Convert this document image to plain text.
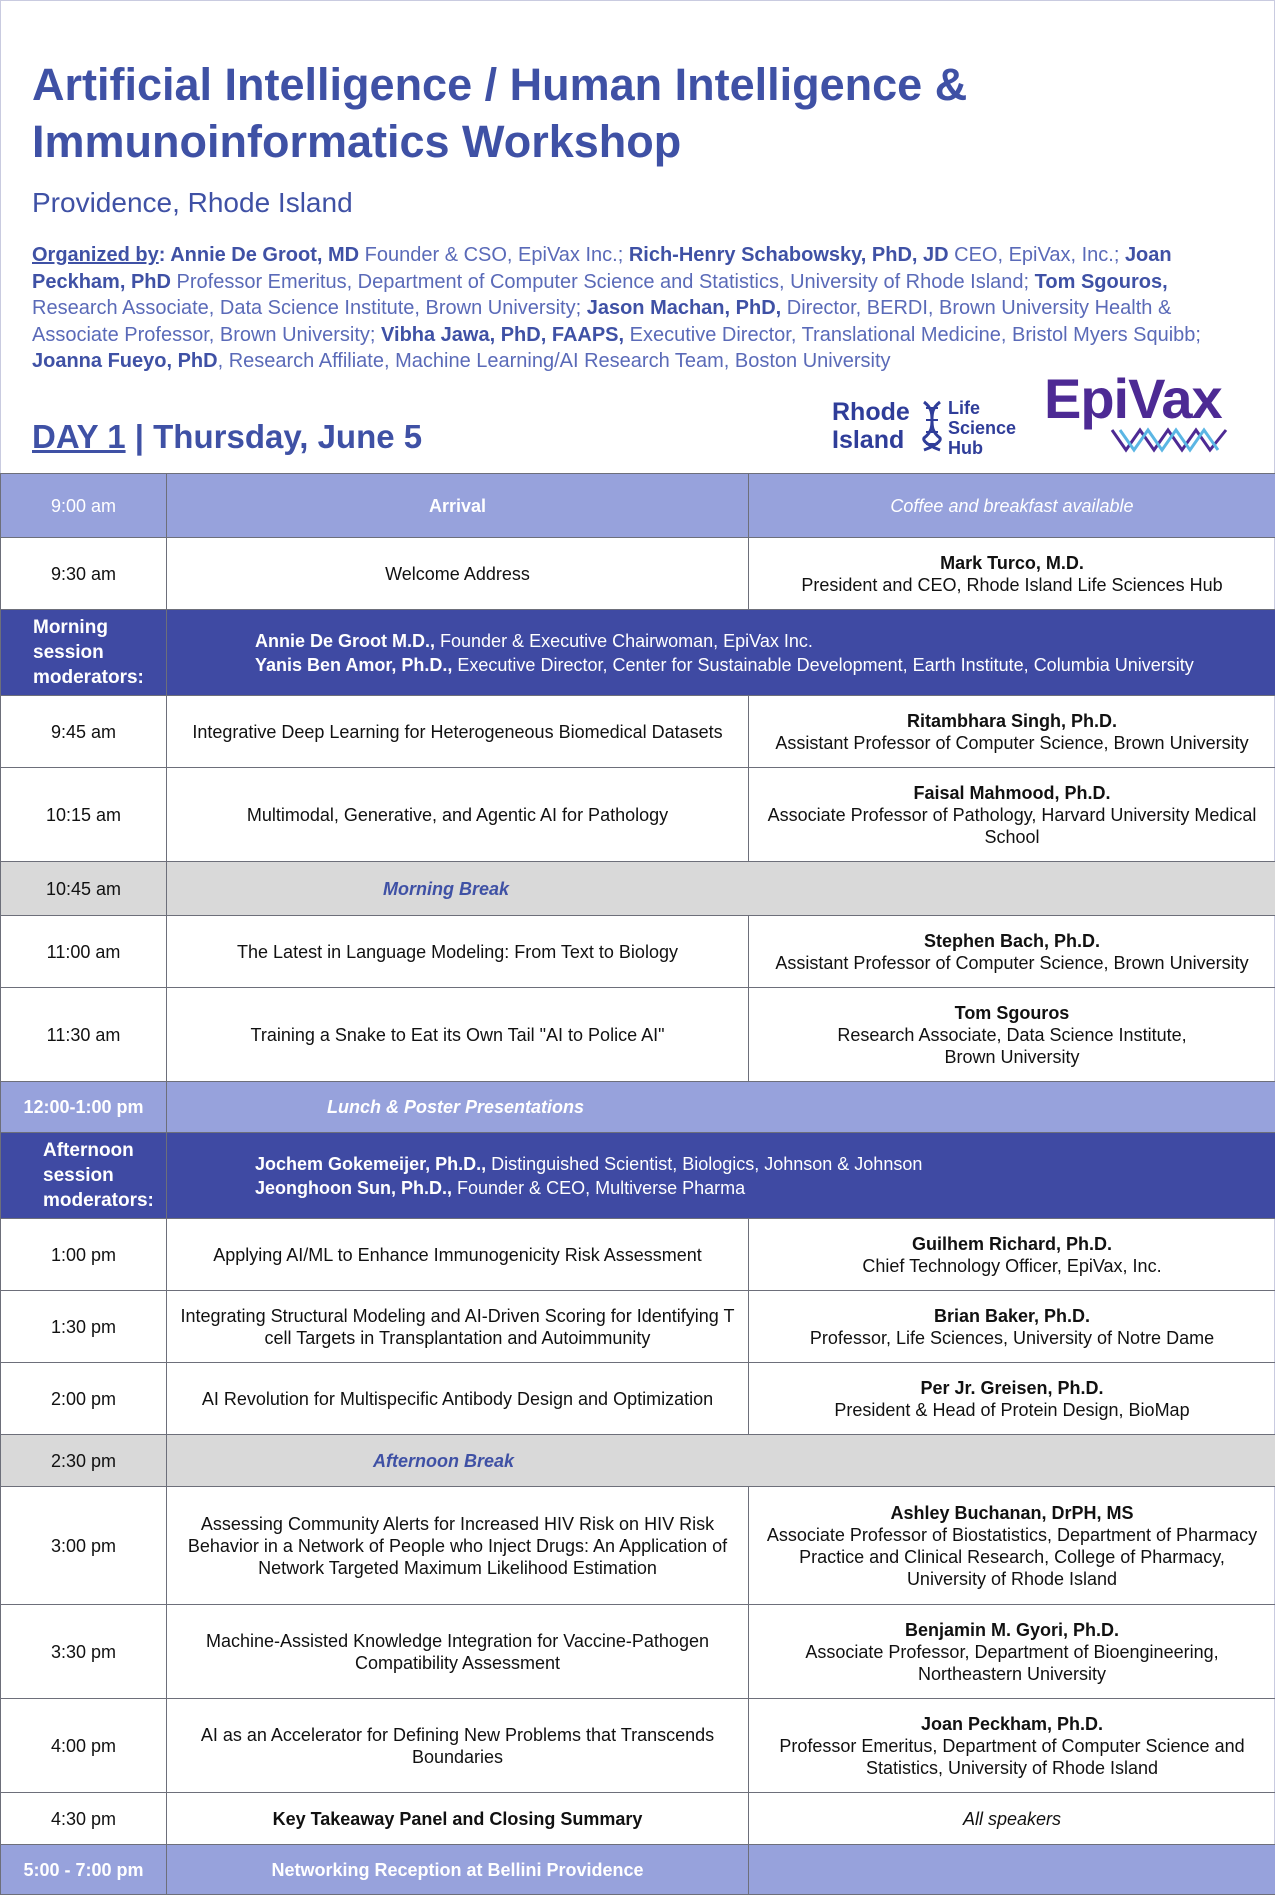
Artificial Intelligence / Human Intelligence & Immunoinformatics Workshop
Providence, Rhode Island
Organized by: Annie De Groot, MD Founder & CSO, EpiVax Inc.; Rich-Henry Schabowsky, PhD, JD CEO, EpiVax, Inc.; Joan Peckham, PhD Professor Emeritus, Department of Computer Science and Statistics, University of Rhode Island; Tom Sgouros, Research Associate, Data Science Institute, Brown University; Jason Machan, PhD, Director, BERDI, Brown University Health & Associate Professor, Brown University; Vibha Jawa, PhD, FAAPS, Executive Director, Translational Medicine, Bristol Myers Squibb; Joanna Fueyo, PhD, Research Affiliate, Machine Learning/AI Research Team, Boston University
DAY 1 | Thursday, June 5
Rhode
Island
Life
Science
Hub
EpiVax
9:00 am	Arrival	Coffee and breakfast available
9:30 am	Welcome Address	Mark Turco, M.D.
President and CEO, Rhode Island Life Sciences Hub
Morning session moderators:	Annie De Groot M.D., Founder & Executive Chairwoman, EpiVax Inc.
Yanis Ben Amor, Ph.D., Executive Director, Center for Sustainable Development, Earth Institute, Columbia University	

9:45 am	Integrative Deep Learning for Heterogeneous Biomedical Datasets	Ritambhara Singh, Ph.D.
Assistant Professor of Computer Science, Brown University
10:15 am	Multimodal, Generative, and Agentic AI for Pathology	Faisal Mahmood, Ph.D.
Associate Professor of Pathology, Harvard University Medical School
10:45 am	Morning Break	
11:00 am	The Latest in Language Modeling: From Text to Biology	Stephen Bach, Ph.D.
Assistant Professor of Computer Science, Brown University
11:30 am	Training a Snake to Eat its Own Tail "AI to Police AI"	Tom Sgouros
Research Associate, Data Science Institute,
Brown University

12:00-1:00 pm	Lunch & Poster Presentations	
Afternoon session moderators:	Jochem Gokemeijer, Ph.D., Distinguished Scientist, Biologics, Johnson & Johnson
Jeonghoon Sun, Ph.D., Founder & CEO, Multiverse Pharma	

1:00 pm	Applying AI/ML to Enhance Immunogenicity Risk Assessment	Guilhem Richard, Ph.D.
Chief Technology Officer, EpiVax, Inc.
1:30 pm	Integrating Structural Modeling and AI-Driven Scoring for Identifying T cell Targets in Transplantation and Autoimmunity	Brian Baker, Ph.D.
Professor, Life Sciences, University of Notre Dame
2:00 pm	AI Revolution for Multispecific Antibody Design and Optimization	Per Jr. Greisen, Ph.D.
President & Head of Protein Design, BioMap
2:30 pm	Afternoon Break	
3:00 pm	Assessing Community Alerts for Increased HIV Risk on HIV Risk Behavior in a Network of People who Inject Drugs: An Application of Network Targeted Maximum Likelihood Estimation	Ashley Buchanan, DrPH, MS
Associate Professor of Biostatistics, Department of Pharmacy Practice and Clinical Research, College of Pharmacy, University of Rhode Island
3:30 pm	Machine-Assisted Knowledge Integration for Vaccine-Pathogen Compatibility Assessment	Benjamin M. Gyori, Ph.D.
Associate Professor, Department of Bioengineering, Northeastern University
4:00 pm	AI as an Accelerator for Defining New Problems that Transcends Boundaries	Joan Peckham, Ph.D.
Professor Emeritus, Department of Computer Science and Statistics, University of Rhode Island
4:30 pm	Key Takeaway Panel and Closing Summary	All speakers
5:00 - 7:00 pm	Networking Reception at Bellini Providence	
